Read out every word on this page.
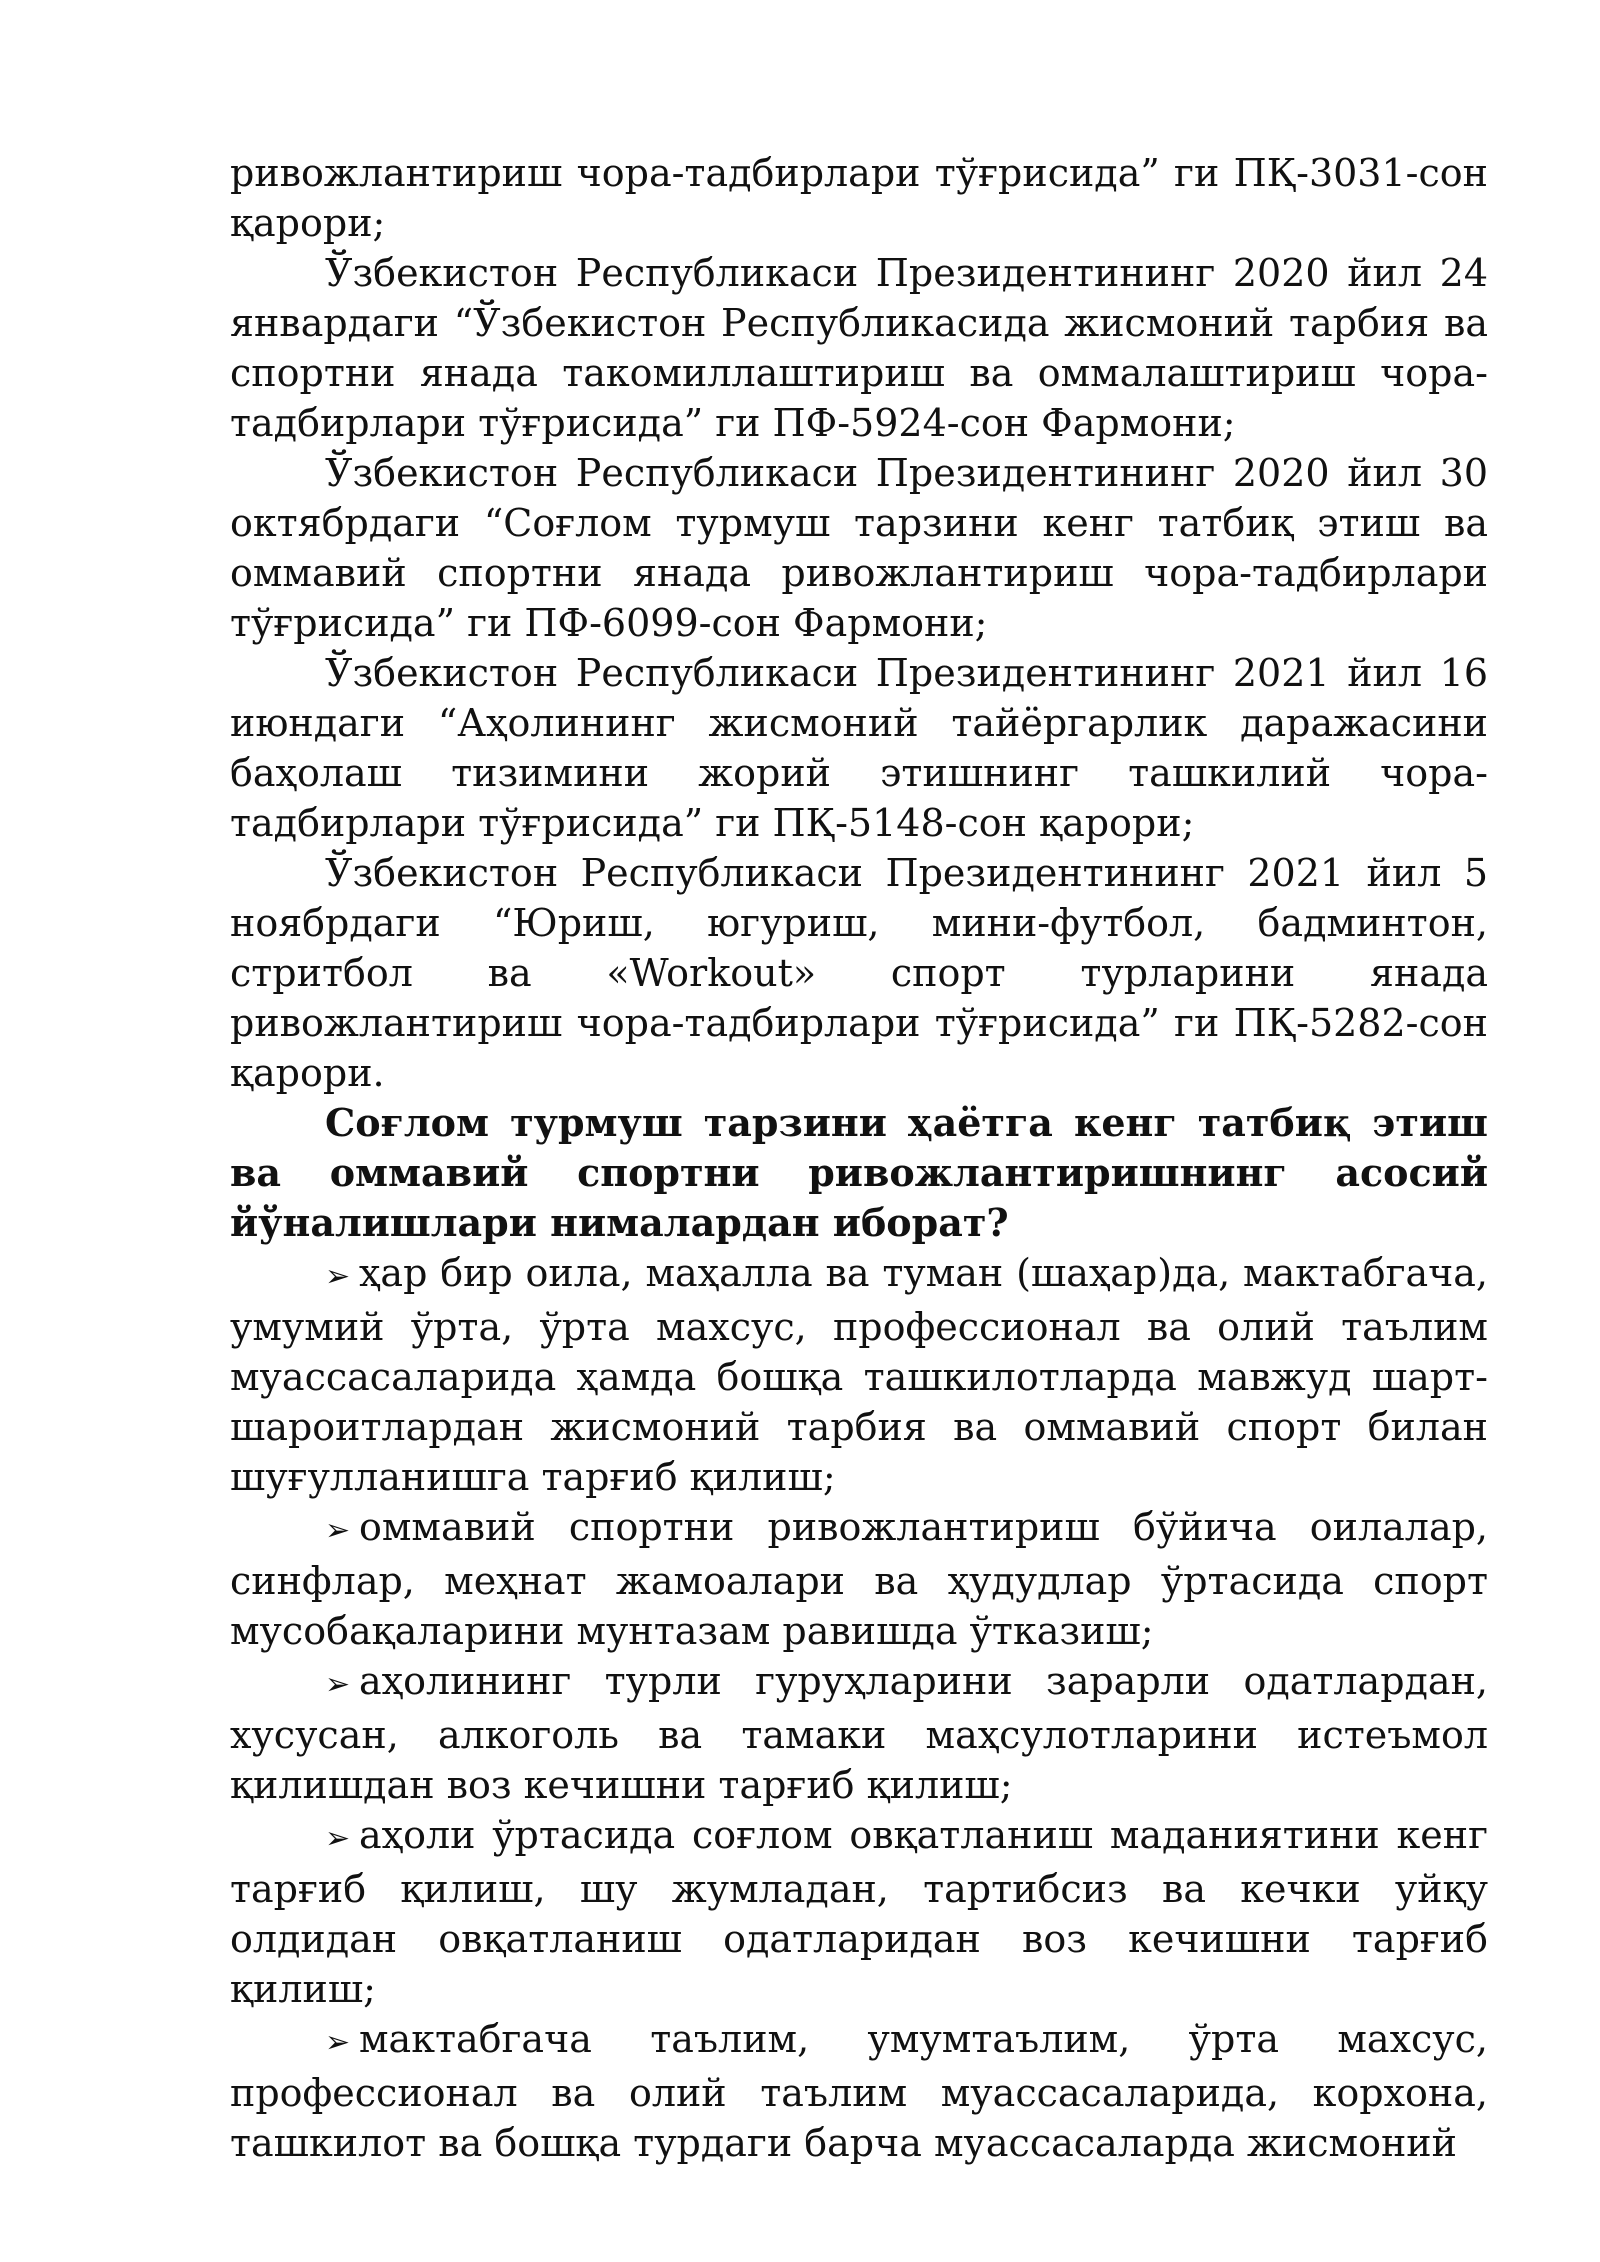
ривожлантириш чора-тадбирлари тўғрисида” ги ПҚ-3031-сон қарори;

Ўзбекистон Республикаси Президентининг 2020 йил 24 январдаги “Ўзбекистон Республикасида жисмоний тарбия ва спортни янада такомиллаштириш ва оммалаштириш чора-тадбирлари тўғрисида” ги ПФ-5924-сон Фармони;

Ўзбекистон Республикаси Президентининг 2020 йил 30 октябрдаги “Соғлом турмуш тарзини кенг татбиқ этиш ва оммавий спортни янада ривожлантириш чора-тадбирлари тўғрисида” ги ПФ-6099-сон Фармони;

Ўзбекистон Республикаси Президентининг 2021 йил 16 июндаги “Аҳолининг жисмоний тайёргарлик даражасини баҳолаш тизимини жорий этишнинг ташкилий чора-тадбирлари тўғрисида” ги ПҚ-5148-сон қарори;

Ўзбекистон Республикаси Президентининг 2021 йил 5 ноябрдаги “Юриш, югуриш, мини-футбол, бадминтон, стритбол ва «Workout» спорт турларини янада ривожлантириш чора-тадбирлари тўғрисида” ги ПҚ-5282-сон қарори.

Соғлом турмуш тарзини ҳаётга кенг татбиқ этиш ва оммавий спортни ривожлантиришнинг асосий йўналишлари нималардан иборат?

➢ ҳар бир оила, маҳалла ва туман (шаҳар)да, мактабгача, умумий ўрта, ўрта махсус, профессионал ва олий таълим муассасаларида ҳамда бошқа ташкилотларда мавжуд шарт-шароитлардан жисмоний тарбия ва оммавий спорт билан шуғулланишга тарғиб қилиш;

➢ оммавий спортни ривожлантириш бўйича оилалар, синфлар, меҳнат жамоалари ва ҳудудлар ўртасида спорт мусобақаларини мунтазам равишда ўтказиш;

➢ аҳолининг турли гуруҳларини зарарли одатлардан, хусусан, алкоголь ва тамаки маҳсулотларини истеъмол қилишдан воз кечишни тарғиб қилиш;

➢ аҳоли ўртасида соғлом овқатланиш маданиятини кенг тарғиб қилиш, шу жумладан, тартибсиз ва кечки уйқу олдидан овқатланиш одатларидан воз кечишни тарғиб қилиш;

➢ мактабгача таълим, умумтаълим, ўрта махсус, профессионал ва олий таълим муассасаларида, корхона, ташкилот ва бошқа турдаги барча муассасаларда жисмоний
